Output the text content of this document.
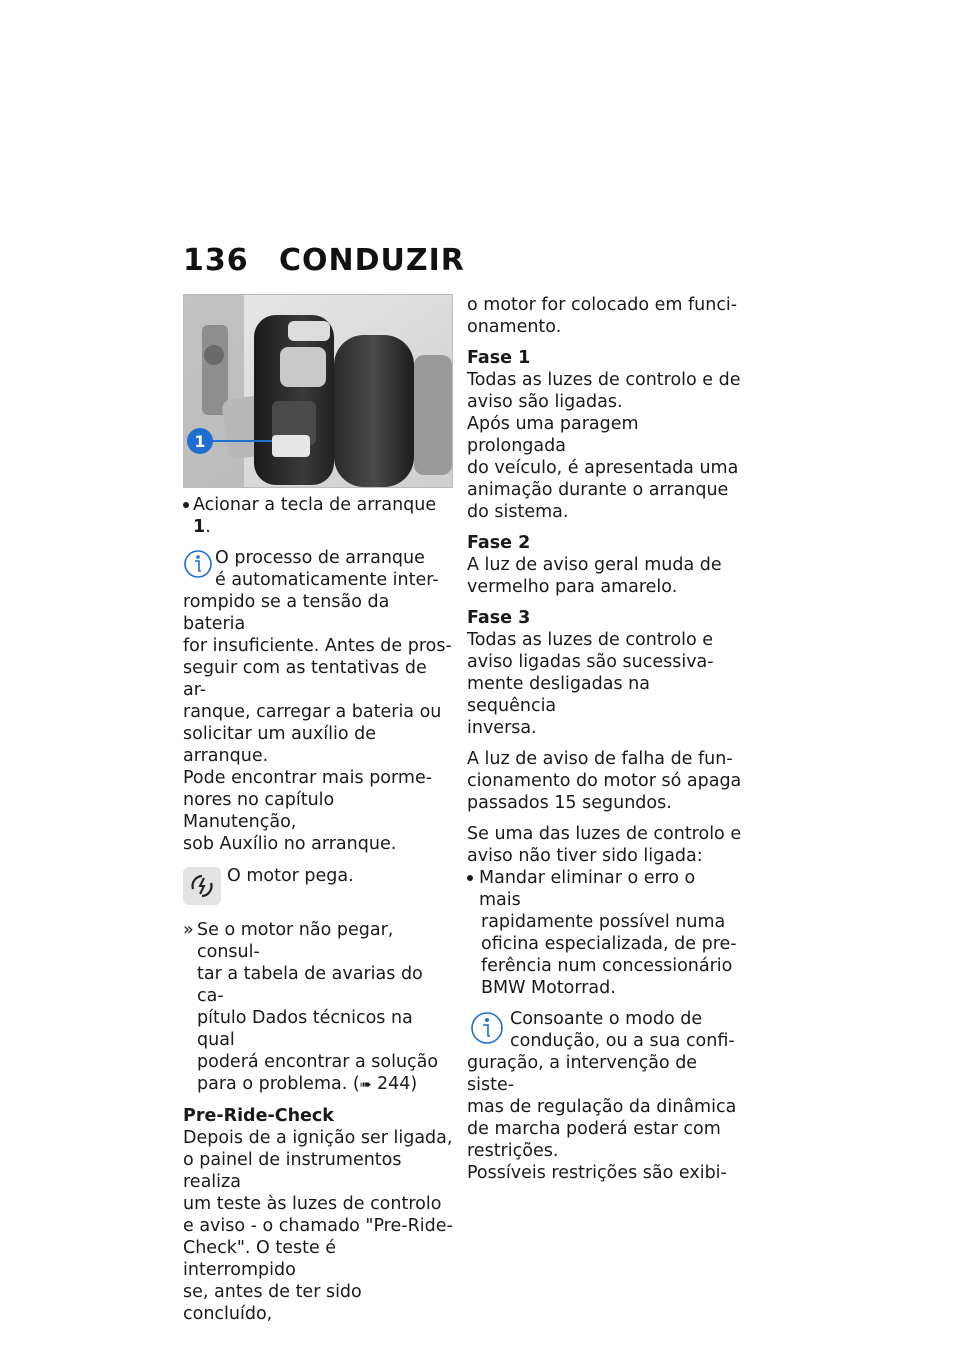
136 CONDUZIR
1
Acionar a tecla de arranque 1.
O processo de arranque
é automaticamente inter-
rompido se a tensão da bateria
for insuficiente. Antes de pros-
seguir com as tentativas de ar-
ranque, carregar a bateria ou
solicitar um auxílio de arranque.
Pode encontrar mais porme-
nores no capítulo Manutenção,
sob Auxílio no arranque.
O motor pega.
» Se o motor não pegar, consul-
tar a tabela de avarias do ca-
pítulo Dados técnicos na qual
poderá encontrar a solução
para o problema. (➠ 244)
Pre-Ride-Check
Depois de a ignição ser ligada,
o painel de instrumentos realiza
um teste às luzes de controlo
e aviso - o chamado "Pre-Ride-
Check". O teste é interrompido
se, antes de ter sido concluído,

o motor for colocado em funci-
onamento.

Fase 1

Todas as luzes de controlo e de
aviso são ligadas.
Após uma paragem prolongada
do veículo, é apresentada uma
animação durante o arranque
do sistema.

Fase 2

A luz de aviso geral muda de
vermelho para amarelo.

Fase 3

Todas as luzes de controlo e
aviso ligadas são sucessiva-
mente desligadas na sequência
inversa.

A luz de aviso de falha de fun-
cionamento do motor só apaga
passados 15 segundos.

Se uma das luzes de controlo e
aviso não tiver sido ligada:

Mandar eliminar o erro o mais
rapidamente possível numa
oficina especializada, de pre-
ferência num concessionário
BMW Motorrad.
Consoante o modo de
condução, ou a sua confi-
guração, a intervenção de siste-
mas de regulação da dinâmica
de marcha poderá estar com
restrições.
Possíveis restrições são exibi-
